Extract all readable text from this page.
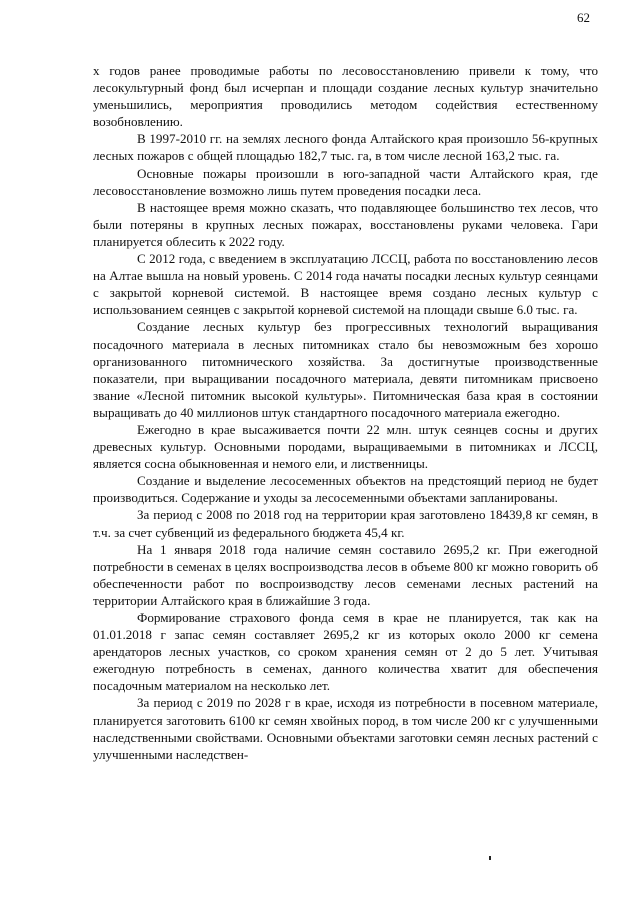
62

х годов ранее проводимые работы по лесовосстановлению привели к тому, что лесокультурный фонд был исчерпан и площади создание лесных культур значительно уменьшились, мероприятия проводились методом содействия естественному возобновлению.

В 1997-2010 гг. на землях лесного фонда Алтайского края произошло 56-крупных лесных пожаров с общей площадью 182,7 тыс. га, в том числе лесной 163,2 тыс. га.

Основные пожары произошли в юго-западной части Алтайского края, где лесовосстановление возможно лишь путем проведения посадки леса.

В настоящее время можно сказать, что подавляющее большинство тех лесов, что были потеряны в крупных лесных пожарах, восстановлены руками человека. Гари планируется облесить к 2022 году.

С 2012 года, с введением в эксплуатацию ЛССЦ, работа по восстановлению лесов на Алтае вышла на новый уровень. С 2014 года начаты посадки лесных культур сеянцами с закрытой корневой системой. В настоящее время создано лесных культур с использованием сеянцев с закрытой корневой системой на площади свыше 6.0 тыс. га.

Создание лесных культур без прогрессивных технологий выращивания посадочного материала в лесных питомниках стало бы невозможным без хорошо организованного питомнического хозяйства. За достигнутые производственные показатели, при выращивании посадочного материала, девяти питомникам присвоено звание «Лесной питомник высокой культуры». Питомническая база края в состоянии выращивать до 40 миллионов штук стандартного посадочного материала ежегодно.

Ежегодно в крае высаживается почти 22 млн. штук сеянцев сосны и других древесных культур. Основными породами, выращиваемыми в питомниках и ЛССЦ, является сосна обыкновенная и немого ели, и лиственницы.

Создание и выделение лесосеменных объектов на предстоящий период не будет производиться. Содержание и уходы за лесосеменными объектами запланированы.

За период с 2008 по 2018 год на территории края заготовлено 18439,8 кг семян, в т.ч. за счет субвенций из федерального бюджета 45,4 кг.

На 1 января 2018 года наличие семян составило 2695,2 кг. При ежегодной потребности в семенах в целях воспроизводства лесов в объеме 800 кг можно говорить об обеспеченности работ по воспроизводству лесов семенами лесных растений на территории Алтайского края в ближайшие 3 года.

Формирование страхового фонда семя в крае не планируется, так как на 01.01.2018 г запас семян составляет 2695,2 кг из которых около 2000 кг семена арендаторов лесных участков, со сроком хранения семян от 2 до 5 лет. Учитывая ежегодную потребность в семенах, данного количества хватит для обеспечения посадочным материалом на несколько лет.

За период с 2019 по 2028 г в крае, исходя из потребности в посевном материале, планируется заготовить 6100 кг семян хвойных пород, в том числе 200 кг с улучшенными наследственными свойствами. Основными объектами заготовки семян лесных растений с улучшенными наследствен-
